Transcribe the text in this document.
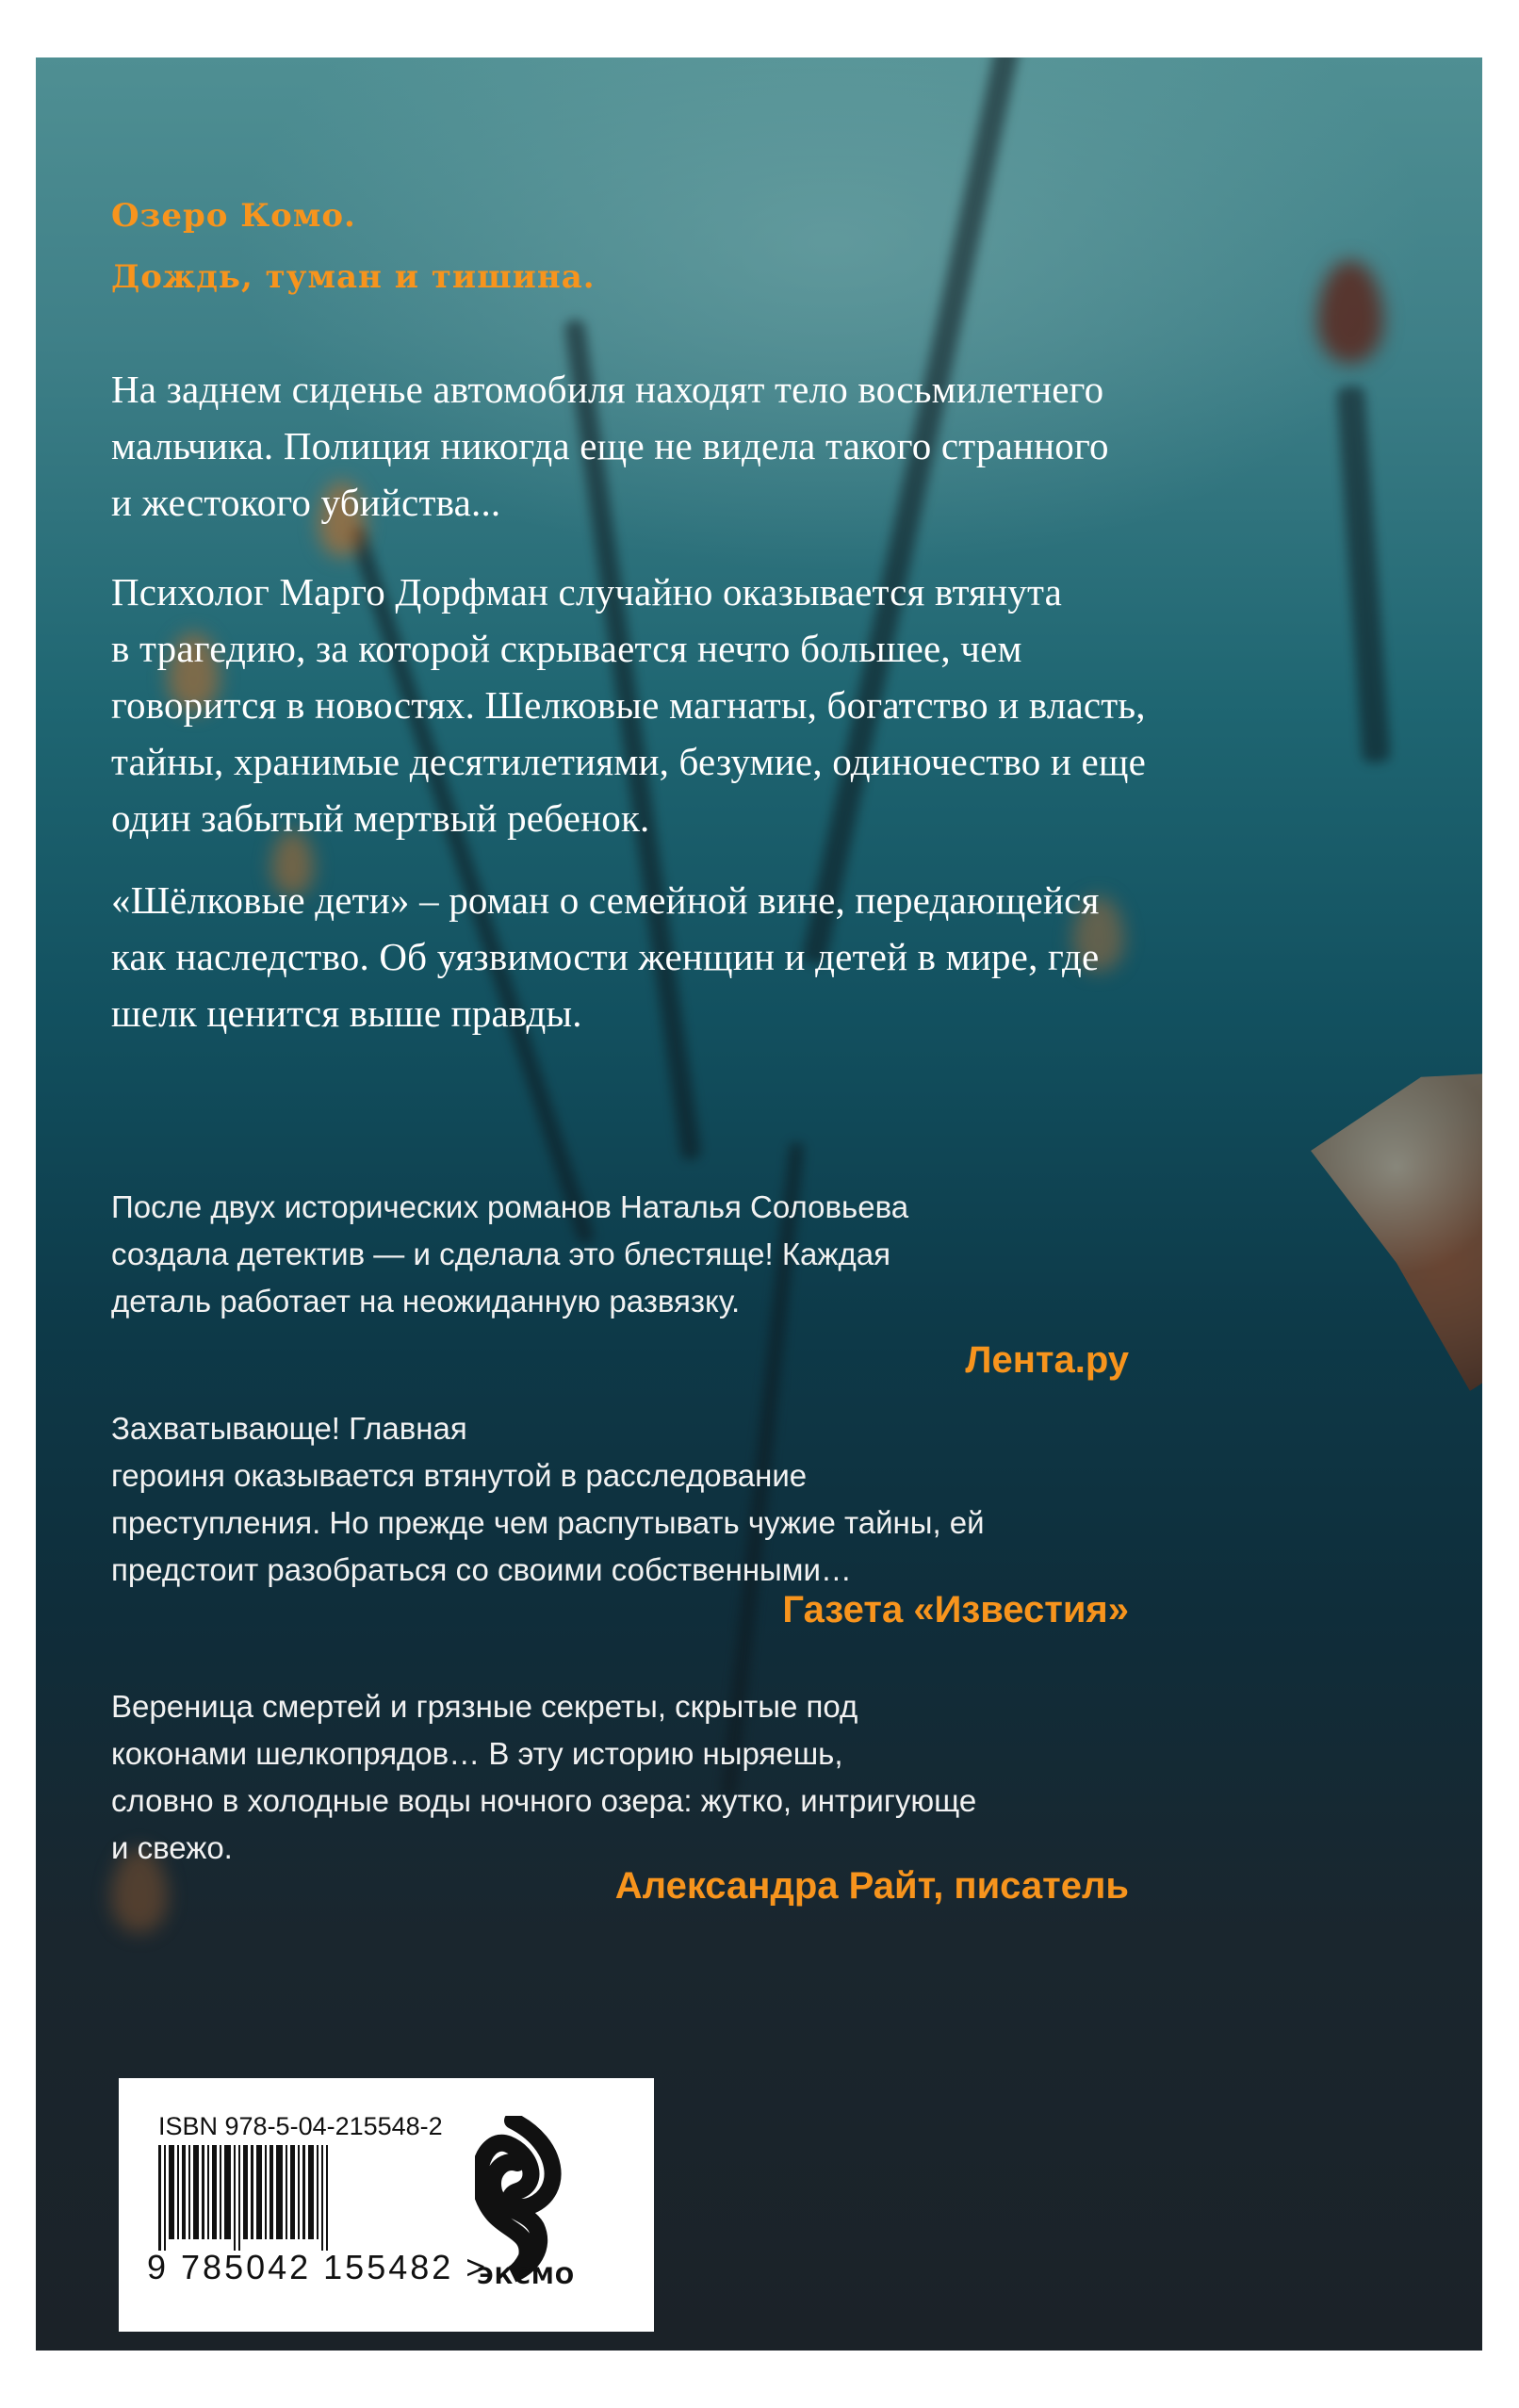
Озеро Комо.

Дождь, туман и тишина.

На заднем сиденье автомобиля находят тело восьмилетнего
мальчика. Полиция никогда еще не видела такого странного
и жестокого убийства...

Психолог Марго Дорфман случайно оказывается втянута
в трагедию, за которой скрывается нечто большее, чем
говорится в новостях. Шелковые магнаты, богатство и власть,
тайны, хранимые десятилетиями, безумие, одиночество и еще
один забытый мертвый ребенок.

«Шёлковые дети» – роман о семейной вине, передающейся
как наследство. Об уязвимости женщин и детей в мире, где
шелк ценится выше правды.

После двух исторических романов Наталья Соловьева
создала детектив — и сделала это блестяще! Каждая
деталь работает на неожиданную развязку.

Лента.ру

Захватывающе! Главная
героиня оказывается втянутой в расследование
преступления. Но прежде чем распутывать чужие тайны, ей
предстоит разобраться со своими собственными…

Газета «Известия»

Вереница смертей и грязные секреты, скрытые под
коконами шелкопрядов… В эту историю ныряешь,
словно в холодные воды ночного озера: жутко, интригующе
и свежо.

Александра Райт, писатель

ISBN 978-5-04-215548-2
9 785042 155482 >
ЭКСМО
